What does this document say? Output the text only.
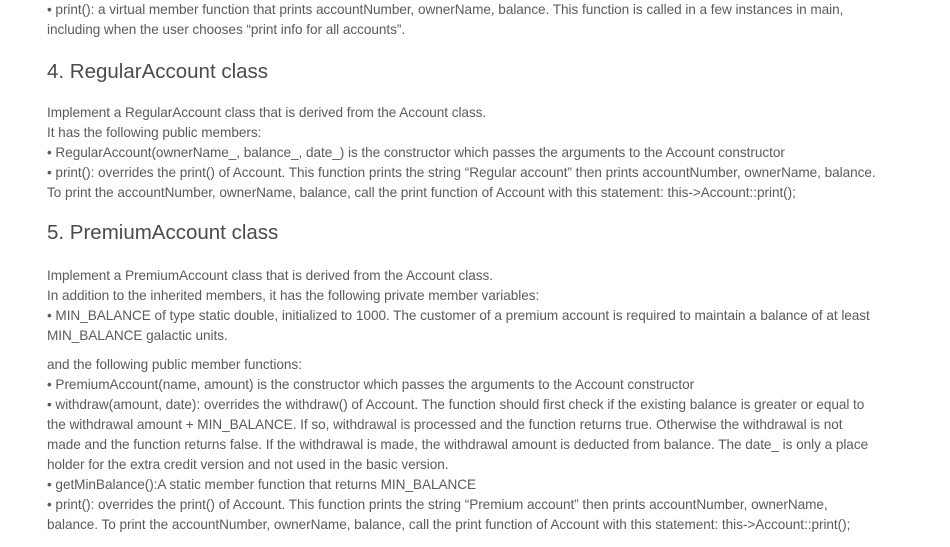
• print(): a virtual member function that prints accountNumber, ownerName, balance. This function is called in a few instances in main,

including when the user chooses “print info for all accounts”.

4. RegularAccount class

Implement a RegularAccount class that is derived from the Account class.

It has the following public members:

• RegularAccount(ownerName_, balance_, date_) is the constructor which passes the arguments to the Account constructor

• print(): overrides the print() of Account. This function prints the string “Regular account” then prints accountNumber, ownerName, balance.

To print the accountNumber, ownerName, balance, call the print function of Account with this statement: this->Account::print();

5. PremiumAccount class

Implement a PremiumAccount class that is derived from the Account class.

In addition to the inherited members, it has the following private member variables:

• MIN_BALANCE of type static double, initialized to 1000. The customer of a premium account is required to maintain a balance of at least

MIN_BALANCE galactic units.

and the following public member functions:

• PremiumAccount(name, amount) is the constructor which passes the arguments to the Account constructor

• withdraw(amount, date): overrides the withdraw() of Account. The function should first check if the existing balance is greater or equal to

the withdrawal amount + MIN_BALANCE. If so, withdrawal is processed and the function returns true. Otherwise the withdrawal is not

made and the function returns false. If the withdrawal is made, the withdrawal amount is deducted from balance. The date_ is only a place

holder for the extra credit version and not used in the basic version.

• getMinBalance():A static member function that returns MIN_BALANCE

• print(): overrides the print() of Account. This function prints the string “Premium account” then prints accountNumber, ownerName,

balance. To print the accountNumber, ownerName, balance, call the print function of Account with this statement: this->Account::print();
